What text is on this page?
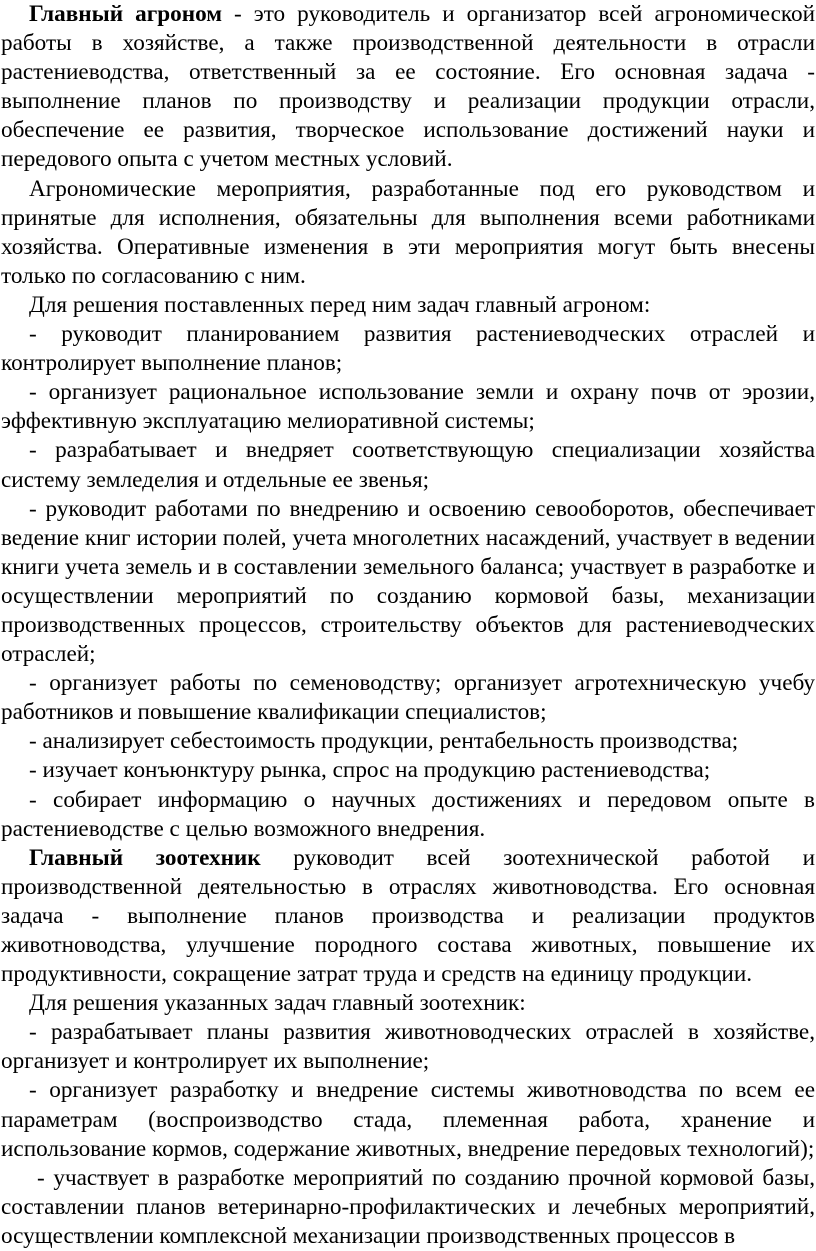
Главный агроном - это руководитель и организатор всей агрономической работы в хозяйстве, а также производственной деятельности в отрасли растениеводства, ответственный за ее состояние. Его основная задача - выполнение планов по производству и реализации продукции отрасли, обеспечение ее развития, творческое использование достижений науки и передового опыта с учетом местных условий.

Агрономические мероприятия, разработанные под его руководством и принятые для исполнения, обязательны для выполнения всеми работниками хозяйства. Оперативные изменения в эти мероприятия могут быть внесены только по согласованию с ним.

Для решения поставленных перед ним задач главный агроном:

- руководит планированием развития растениеводческих отраслей и контролирует выполнение планов;

- организует рациональное использование земли и охрану почв от эрозии, эффективную эксплуатацию мелиоративной системы;

- разрабатывает и внедряет соответствующую специализации хозяйства систему земледелия и отдельные ее звенья;

- руководит работами по внедрению и освоению севооборотов, обеспечивает ведение книг истории полей, учета многолетних насаждений, участвует в ведении книги учета земель и в составлении земельного баланса; участвует в разработке и осуществлении мероприятий по созданию кормовой базы, механизации производственных процессов, строительству объектов для растениеводческих отраслей;

- организует работы по семеноводству; организует агротехническую учебу работников и повышение квалификации специалистов;

- анализирует себестоимость продукции, рентабельность производства;

- изучает конъюнктуру рынка, спрос на продукцию растениеводства;

- собирает информацию о научных достижениях и передовом опыте в растениеводстве с целью возможного внедрения.

Главный зоотехник руководит всей зоотехнической работой и производственной деятельностью в отраслях животноводства. Его основная задача - выполнение планов производства и реализации продуктов животноводства, улучшение породного состава животных, повышение их продуктивности, сокращение затрат труда и средств на единицу продукции.

Для решения указанных задач главный зоотехник:

- разрабатывает планы развития животноводческих отраслей в хозяйстве, организует и контролирует их выполнение;

- организует разработку и внедрение системы животноводства по всем ее параметрам (воспроизводство стада, племенная работа, хранение и использование кормов, содержание животных, внедрение передовых технологий);

- участвует в разработке мероприятий по созданию прочной кормовой базы, составлении планов ветеринарно-профилактических и лечебных мероприятий, осуществлении комплексной механизации производственных процессов в
